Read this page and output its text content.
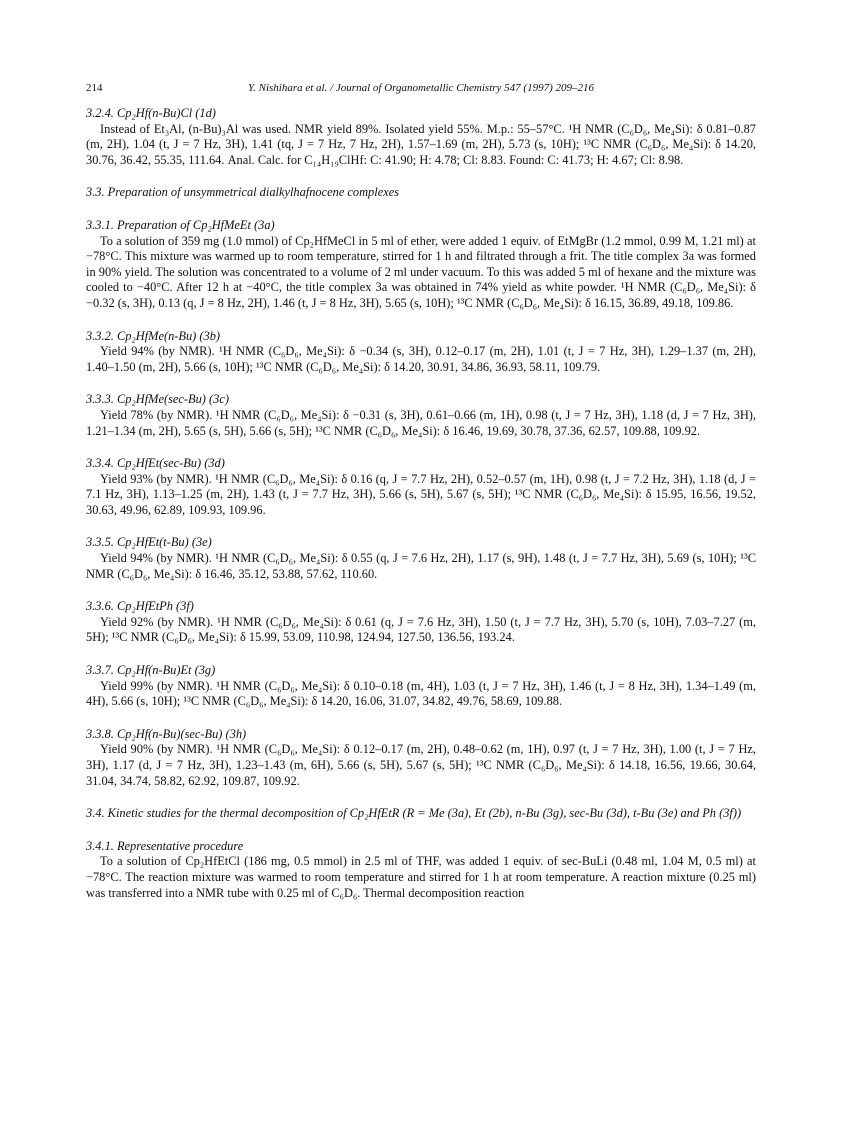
214	Y. Nishihara et al. / Journal of Organometallic Chemistry 547 (1997) 209–216

3.2.4. Cp₂Hf(n-Bu)Cl (1d)

Instead of Et₃Al, (n-Bu)₃Al was used. NMR yield 89%. Isolated yield 55%. M.p.: 55–57°C. ¹H NMR (C₆D₆, Me₄Si): δ 0.81–0.87 (m, 2H), 1.04 (t, J = 7 Hz, 3H), 1.41 (tq, J = 7 Hz, 7 Hz, 2H), 1.57–1.69 (m, 2H), 5.73 (s, 10H); ¹³C NMR (C₆D₆, Me₄Si): δ 14.20, 30.76, 36.42, 55.35, 111.64. Anal. Calc. for C₁₄H₁₉ClHf: C: 41.90; H: 4.78; Cl: 8.83. Found: C: 41.73; H: 4.67; Cl: 8.98.

3.3. Preparation of unsymmetrical dialkylhafnocene complexes

3.3.1. Preparation of Cp₂HfMeEt (3a)

To a solution of 359 mg (1.0 mmol) of Cp₂HfMeCl in 5 ml of ether, were added 1 equiv. of EtMgBr (1.2 mmol, 0.99 M, 1.21 ml) at −78°C. This mixture was warmed up to room temperature, stirred for 1 h and filtrated through a frit. The title complex 3a was formed in 90% yield. The solution was concentrated to a volume of 2 ml under vacuum. To this was added 5 ml of hexane and the mixture was cooled to −40°C. After 12 h at −40°C, the title complex 3a was obtained in 74% yield as white powder. ¹H NMR (C₆D₆, Me₄Si): δ −0.32 (s, 3H), 0.13 (q, J = 8 Hz, 2H), 1.46 (t, J = 8 Hz, 3H), 5.65 (s, 10H); ¹³C NMR (C₆D₆, Me₄Si): δ 16.15, 36.89, 49.18, 109.86.

3.3.2. Cp₂HfMe(n-Bu) (3b)

Yield 94% (by NMR). ¹H NMR (C₆D₆, Me₄Si): δ −0.34 (s, 3H), 0.12–0.17 (m, 2H), 1.01 (t, J = 7 Hz, 3H), 1.29–1.37 (m, 2H), 1.40–1.50 (m, 2H), 5.66 (s, 10H); ¹³C NMR (C₆D₆, Me₄Si): δ 14.20, 30.91, 34.86, 36.93, 58.11, 109.79.

3.3.3. Cp₂HfMe(sec-Bu) (3c)

Yield 78% (by NMR). ¹H NMR (C₆D₆, Me₄Si): δ −0.31 (s, 3H), 0.61–0.66 (m, 1H), 0.98 (t, J = 7 Hz, 3H), 1.18 (d, J = 7 Hz, 3H), 1.21–1.34 (m, 2H), 5.65 (s, 5H), 5.66 (s, 5H); ¹³C NMR (C₆D₆, Me₄Si): δ 16.46, 19.69, 30.78, 37.36, 62.57, 109.88, 109.92.

3.3.4. Cp₂HfEt(sec-Bu) (3d)

Yield 93% (by NMR). ¹H NMR (C₆D₆, Me₄Si): δ 0.16 (q, J = 7.7 Hz, 2H), 0.52–0.57 (m, 1H), 0.98 (t, J = 7.2 Hz, 3H), 1.18 (d, J = 7.1 Hz, 3H), 1.13–1.25 (m, 2H), 1.43 (t, J = 7.7 Hz, 3H), 5.66 (s, 5H), 5.67 (s, 5H); ¹³C NMR (C₆D₆, Me₄Si): δ 15.95, 16.56, 19.52, 30.63, 49.96, 62.89, 109.93, 109.96.

3.3.5. Cp₂HfEt(t-Bu) (3e)

Yield 94% (by NMR). ¹H NMR (C₆D₆, Me₄Si): δ 0.55 (q, J = 7.6 Hz, 2H), 1.17 (s, 9H), 1.48 (t, J = 7.7 Hz, 3H), 5.69 (s, 10H); ¹³C NMR (C₆D₆, Me₄Si): δ 16.46, 35.12, 53.88, 57.62, 110.60.

3.3.6. Cp₂HfEtPh (3f)

Yield 92% (by NMR). ¹H NMR (C₆D₆, Me₄Si): δ 0.61 (q, J = 7.6 Hz, 3H), 1.50 (t, J = 7.7 Hz, 3H), 5.70 (s, 10H), 7.03–7.27 (m, 5H); ¹³C NMR (C₆D₆, Me₄Si): δ 15.99, 53.09, 110.98, 124.94, 127.50, 136.56, 193.24.

3.3.7. Cp₂Hf(n-Bu)Et (3g)

Yield 99% (by NMR). ¹H NMR (C₆D₆, Me₄Si): δ 0.10–0.18 (m, 4H), 1.03 (t, J = 7 Hz, 3H), 1.46 (t, J = 8 Hz, 3H), 1.34–1.49 (m, 4H), 5.66 (s, 10H); ¹³C NMR (C₆D₆, Me₄Si): δ 14.20, 16.06, 31.07, 34.82, 49.76, 58.69, 109.88.

3.3.8. Cp₂Hf(n-Bu)(sec-Bu) (3h)

Yield 90% (by NMR). ¹H NMR (C₆D₆, Me₄Si): δ 0.12–0.17 (m, 2H), 0.48–0.62 (m, 1H), 0.97 (t, J = 7 Hz, 3H), 1.00 (t, J = 7 Hz, 3H), 1.17 (d, J = 7 Hz, 3H), 1.23–1.43 (m, 6H), 5.66 (s, 5H), 5.67 (s, 5H); ¹³C NMR (C₆D₆, Me₄Si): δ 14.18, 16.56, 19.66, 30.64, 31.04, 34.74, 58.82, 62.92, 109.87, 109.92.

3.4. Kinetic studies for the thermal decomposition of Cp₂HfEtR (R = Me (3a), Et (2b), n-Bu (3g), sec-Bu (3d), t-Bu (3e) and Ph (3f))

3.4.1. Representative procedure

To a solution of Cp₂HfEtCl (186 mg, 0.5 mmol) in 2.5 ml of THF, was added 1 equiv. of sec-BuLi (0.48 ml, 1.04 M, 0.5 ml) at −78°C. The reaction mixture was warmed to room temperature and stirred for 1 h at room temperature. A reaction mixture (0.25 ml) was transferred into a NMR tube with 0.25 ml of C₆D₆. Thermal decomposition reaction
